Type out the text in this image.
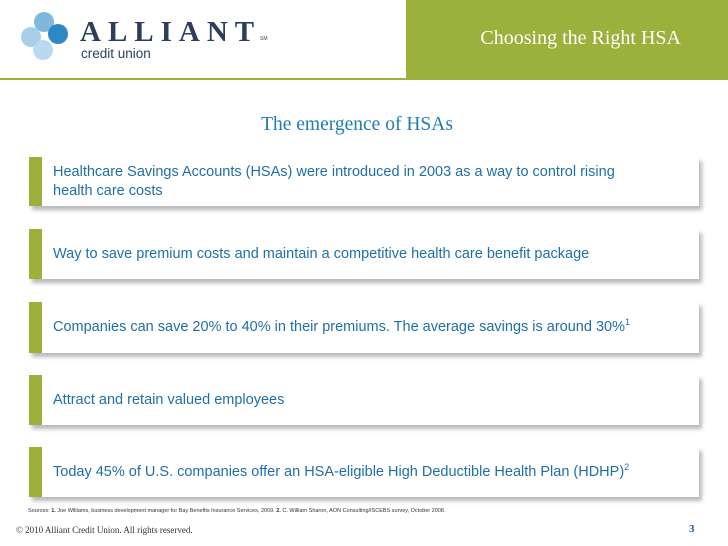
ALLIANT
SM
credit union
Choosing the Right HSA
The emergence of HSAs
Healthcare Savings Accounts (HSAs) were introduced in 2003 as a way to control rising health care costs
Way to save premium costs and maintain a competitive health care benefit package
Companies can save 20% to 40% in their premiums. The average savings is around 30%$^1$
Attract and retain valued employees
Today 45% of U.S. companies offer an HSA-eligible High Deductible Health Plan (HDHP)$^2$
Sources: 1. Joe Williams, business development manager for Bay Benefits Insurance Services, 2009. 2. C. William Sharon, AON Consulting/ISCEBS survey, October 2008.
© 2010 Alliant Credit Union. All rights reserved.	3
